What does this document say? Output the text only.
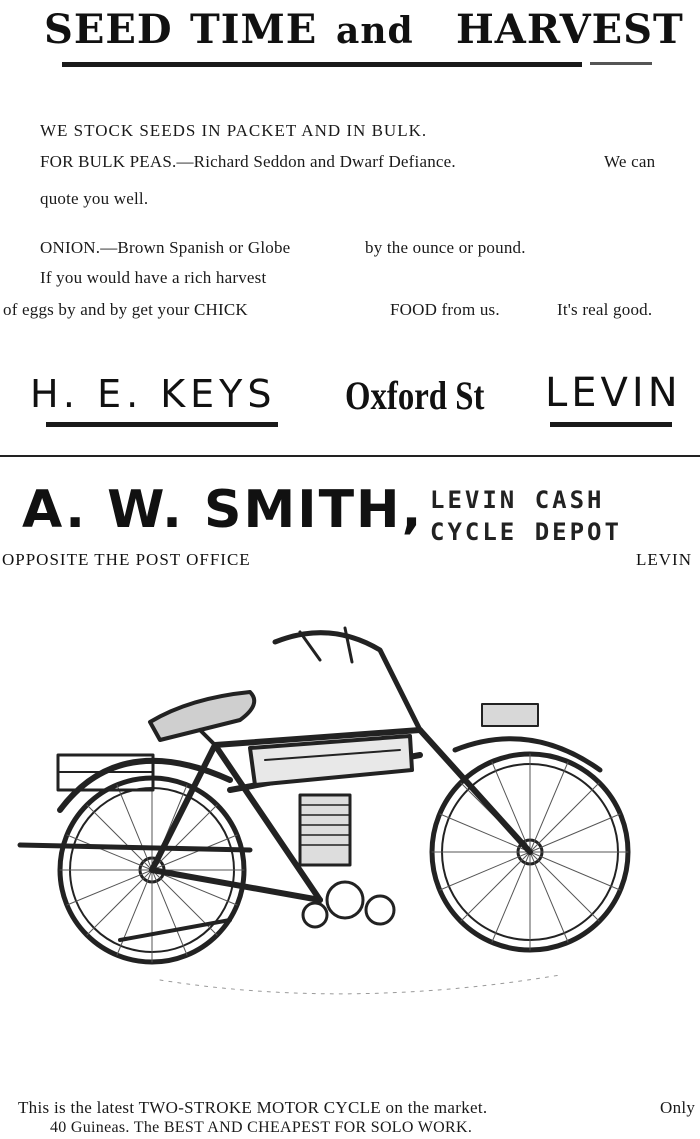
SEED TIME and HARVEST
WE STOCK SEEDS IN PACKET AND IN BULK.
FOR BULK PEAS.—Richard Seddon and Dwarf Defiance.	We can
quote you well.
ONION.—Brown Spanish or Globe	by the ounce or pound.
If you would have a rich harvest
of eggs by and by get your CHICK	FOOD from us.	It's real good.
H. E. KEYS Oxford St LEVIN
A. W. SMITH, LEVIN CASH
CYCLE DEPOT
OPPOSITE THE POST OFFICE	LEVIN
This is the latest TWO-STROKE MOTOR CYCLE on the market.	Only
40 Guineas. The BEST AND CHEAPEST FOR SOLO WORK.
